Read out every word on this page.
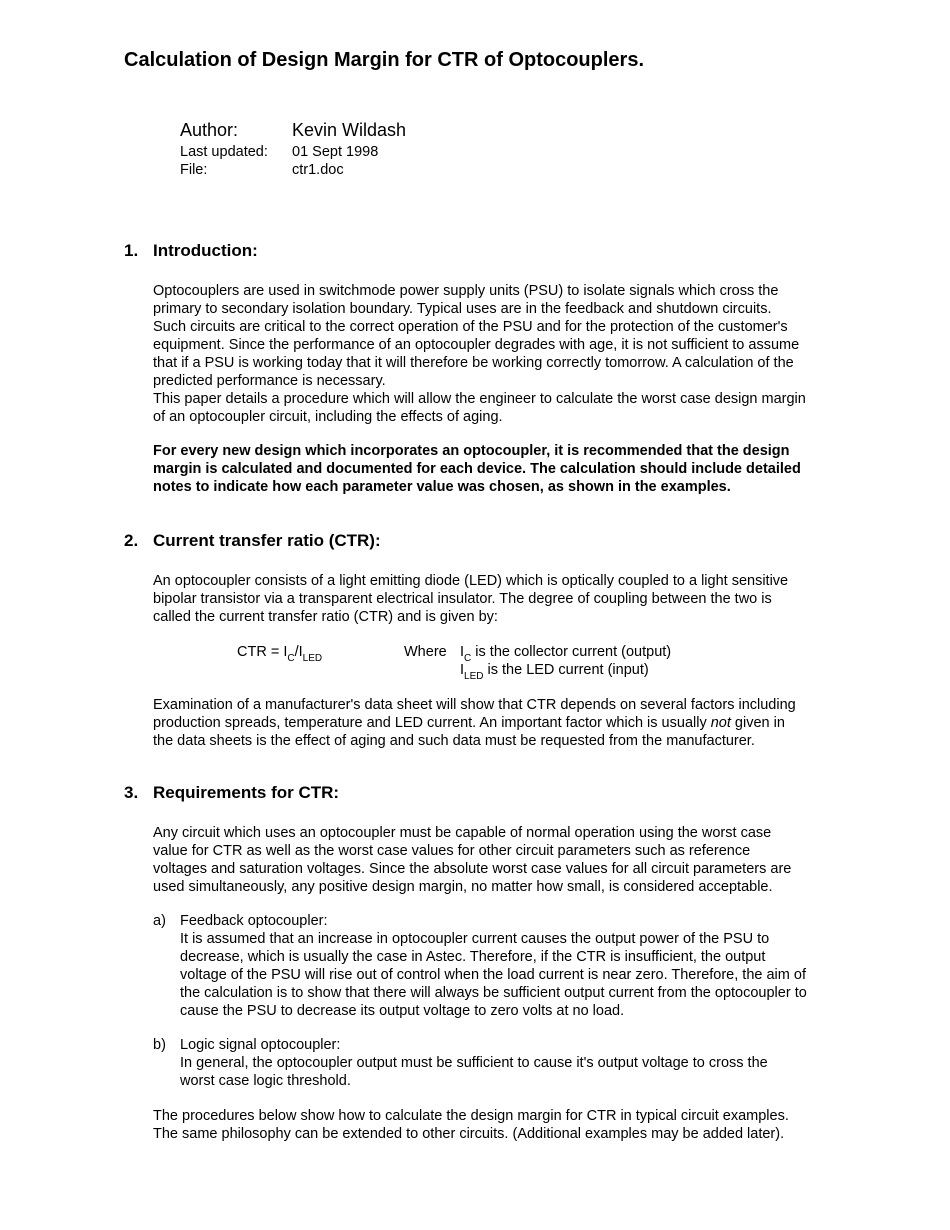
Calculation of Design Margin for CTR of Optocouplers.
Author:	Kevin Wildash
Last updated: 01 Sept 1998
File:	ctr1.doc
1. Introduction:
Optocouplers are used in switchmode power supply units (PSU) to isolate signals which cross the
primary to secondary isolation boundary. Typical uses are in the feedback and shutdown circuits.
Such circuits are critical to the correct operation of the PSU and for the protection of the customer's
equipment. Since the performance of an optocoupler degrades with age, it is not sufficient to assume
that if a PSU is working today that it will therefore be working correctly tomorrow. A calculation of the
predicted performance is necessary.
This paper details a procedure which will allow the engineer to calculate the worst case design margin
of an optocoupler circuit, including the effects of aging.
For every new design which incorporates an optocoupler, it is recommended that the design
margin is calculated and documented for each device. The calculation should include detailed
notes to indicate how each parameter value was chosen, as shown in the examples.
2. Current transfer ratio (CTR):
An optocoupler consists of a light emitting diode (LED) which is optically coupled to a light sensitive
bipolar transistor via a transparent electrical insulator. The degree of coupling between the two is
called the current transfer ratio (CTR) and is given by:
CTR = $I_C/I_{LED}$	Where $I_C$ is the collector current (output)
$I_{LED}$ is the LED current (input)
Examination of a manufacturer's data sheet will show that CTR depends on several factors including
production spreads, temperature and LED current. An important factor which is usually not given in
the data sheets is the effect of aging and such data must be requested from the manufacturer.
3. Requirements for CTR:
Any circuit which uses an optocoupler must be capable of normal operation using the worst case
value for CTR as well as the worst case values for other circuit parameters such as reference
voltages and saturation voltages. Since the absolute worst case values for all circuit parameters are
used simultaneously, any positive design margin, no matter how small, is considered acceptable.
a) Feedback optocoupler:
It is assumed that an increase in optocoupler current causes the output power of the PSU to
decrease, which is usually the case in Astec. Therefore, if the CTR is insufficient, the output
voltage of the PSU will rise out of control when the load current is near zero. Therefore, the aim of
the calculation is to show that there will always be sufficient output current from the optocoupler to
cause the PSU to decrease its output voltage to zero volts at no load.
b) Logic signal optocoupler:
In general, the optocoupler output must be sufficient to cause it's output voltage to cross the
worst case logic threshold.
The procedures below show how to calculate the design margin for CTR in typical circuit examples.
The same philosophy can be extended to other circuits. (Additional examples may be added later).
